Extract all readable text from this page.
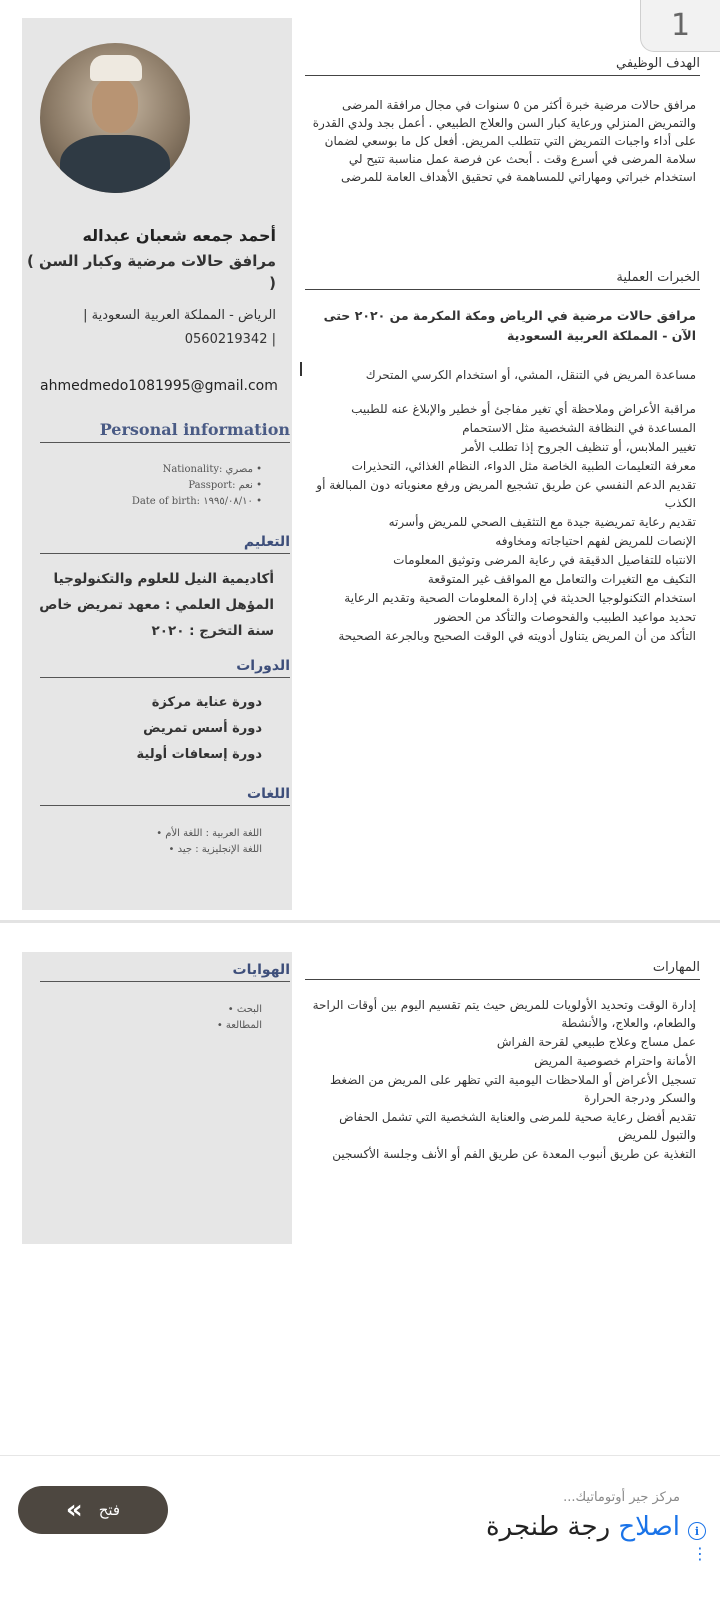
1
أحمد جمعه شعبان عبداله
مرافق حالات مرضية وكبار السن )
(
الرياض - المملكة العربية السعودية |
| 0560219342
ahmedmedo1081995@gmail.com
Personal information
Nationality: مصري •
Passport: نعم •
Date of birth: ١٩٩٥/٠٨/١٠ •
التعليم
أكاديمية النيل للعلوم والتكنولوجيا
المؤهل العلمي : معهد تمريض خاص
سنة التخرج : ٢٠٢٠
الدورات
دورة عناية مركزة
دورة أسس تمريض
دورة إسعافات أولية
اللغات
اللغة العربية : اللغة الأم •
اللغة الإنجليزية : جيد •
الهدف الوظيفي
مرافق حالات مرضية خبرة أكثر من ٥ سنوات في مجال مرافقة المرضى والتمريض المنزلي ورعاية كبار السن والعلاج الطبيعي . أعمل بجد ولدي القدرة على أداء واجبات التمريض التي تتطلب المريض. أفعل كل ما بوسعي لضمان سلامة المرضى في أسرع وقت . أبحث عن فرصة عمل مناسبة تتيح لي استخدام خبراتي ومهاراتي للمساهمة في تحقيق الأهداف العامة للمرضى
الخبرات العملية
مرافق حالات مرضية في الرياض ومكة المكرمة من ٢٠٢٠ حتى الآن - المملكة العربية السعودية
مساعدة المريض في التنقل، المشي، أو استخدام الكرسي المتحرك
مراقبة الأعراض وملاحظة أي تغير مفاجئ أو خطير والإبلاغ عنه للطبيب
المساعدة في النظافة الشخصية مثل الاستحمام
تغيير الملابس، أو تنظيف الجروح إذا تطلب الأمر
معرفة التعليمات الطبية الخاصة مثل الدواء، النظام الغذائي، التحذيرات
تقديم الدعم النفسي عن طريق تشجيع المريض ورفع معنوياته دون المبالغة أو الكذب
تقديم رعاية تمريضية جيدة مع التثقيف الصحي للمريض وأسرته
الإنصات للمريض لفهم احتياجاته ومخاوفه
الانتباه للتفاصيل الدقيقة في رعاية المرضى وتوثيق المعلومات
التكيف مع التغيرات والتعامل مع المواقف غير المتوقعة
استخدام التكنولوجيا الحديثة في إدارة المعلومات الصحية وتقديم الرعاية
تحديد مواعيد الطبيب والفحوصات والتأكد من الحضور
التأكد من أن المريض يتناول أدويته في الوقت الصحيح وبالجرعة الصحيحة
الهوايات
البحث •
المطالعة •
المهارات
إدارة الوقت وتحديد الأولويات للمريض حيث يتم تقسيم اليوم بين أوقات الراحة والطعام، والعلاج، والأنشطة
عمل مساج وعلاج طبيعي لقرحة الفراش
الأمانة واحترام خصوصية المريض
تسجيل الأعراض أو الملاحظات اليومية التي تظهر على المريض من الضغط والسكر ودرجة الحرارة
تقديم أفضل رعاية صحية للمرضى والعناية الشخصية التي تشمل الحفاض والتبول للمريض
التغذية عن طريق أنبوب المعدة عن طريق الفم أو الأنف وجلسة الأكسجين
« فتح
مركز جير أوتوماتيك...
اصلاح رجة طنجرة	i
⋮
